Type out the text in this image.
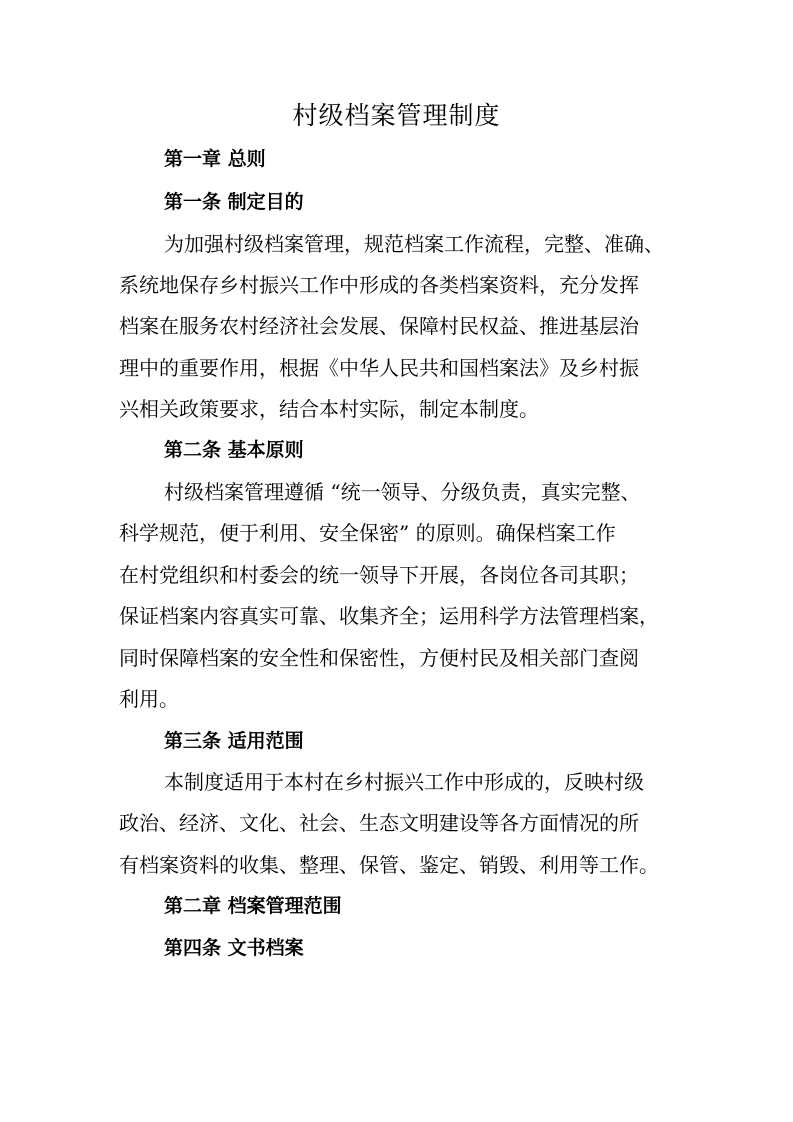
村级档案管理制度
第一章 总则
第一条 制定目的
为加强村级档案管理，规范档案工作流程，完整、准确、
系统地保存乡村振兴工作中形成的各类档案资料，充分发挥
档案在服务农村经济社会发展、保障村民权益、推进基层治
理中的重要作用，根据《中华人民共和国档案法》及乡村振
兴相关政策要求，结合本村实际，制定本制度。
第二条 基本原则
村级档案管理遵循 “统一领导、分级负责，真实完整、
科学规范，便于利用、安全保密” 的原则。确保档案工作
在村党组织和村委会的统一领导下开展，各岗位各司其职；
保证档案内容真实可靠、收集齐全；运用科学方法管理档案，
同时保障档案的安全性和保密性，方便村民及相关部门查阅
利用。
第三条 适用范围
本制度适用于本村在乡村振兴工作中形成的，反映村级
政治、经济、文化、社会、生态文明建设等各方面情况的所
有档案资料的收集、整理、保管、鉴定、销毁、利用等工作。
第二章 档案管理范围
第四条 文书档案
